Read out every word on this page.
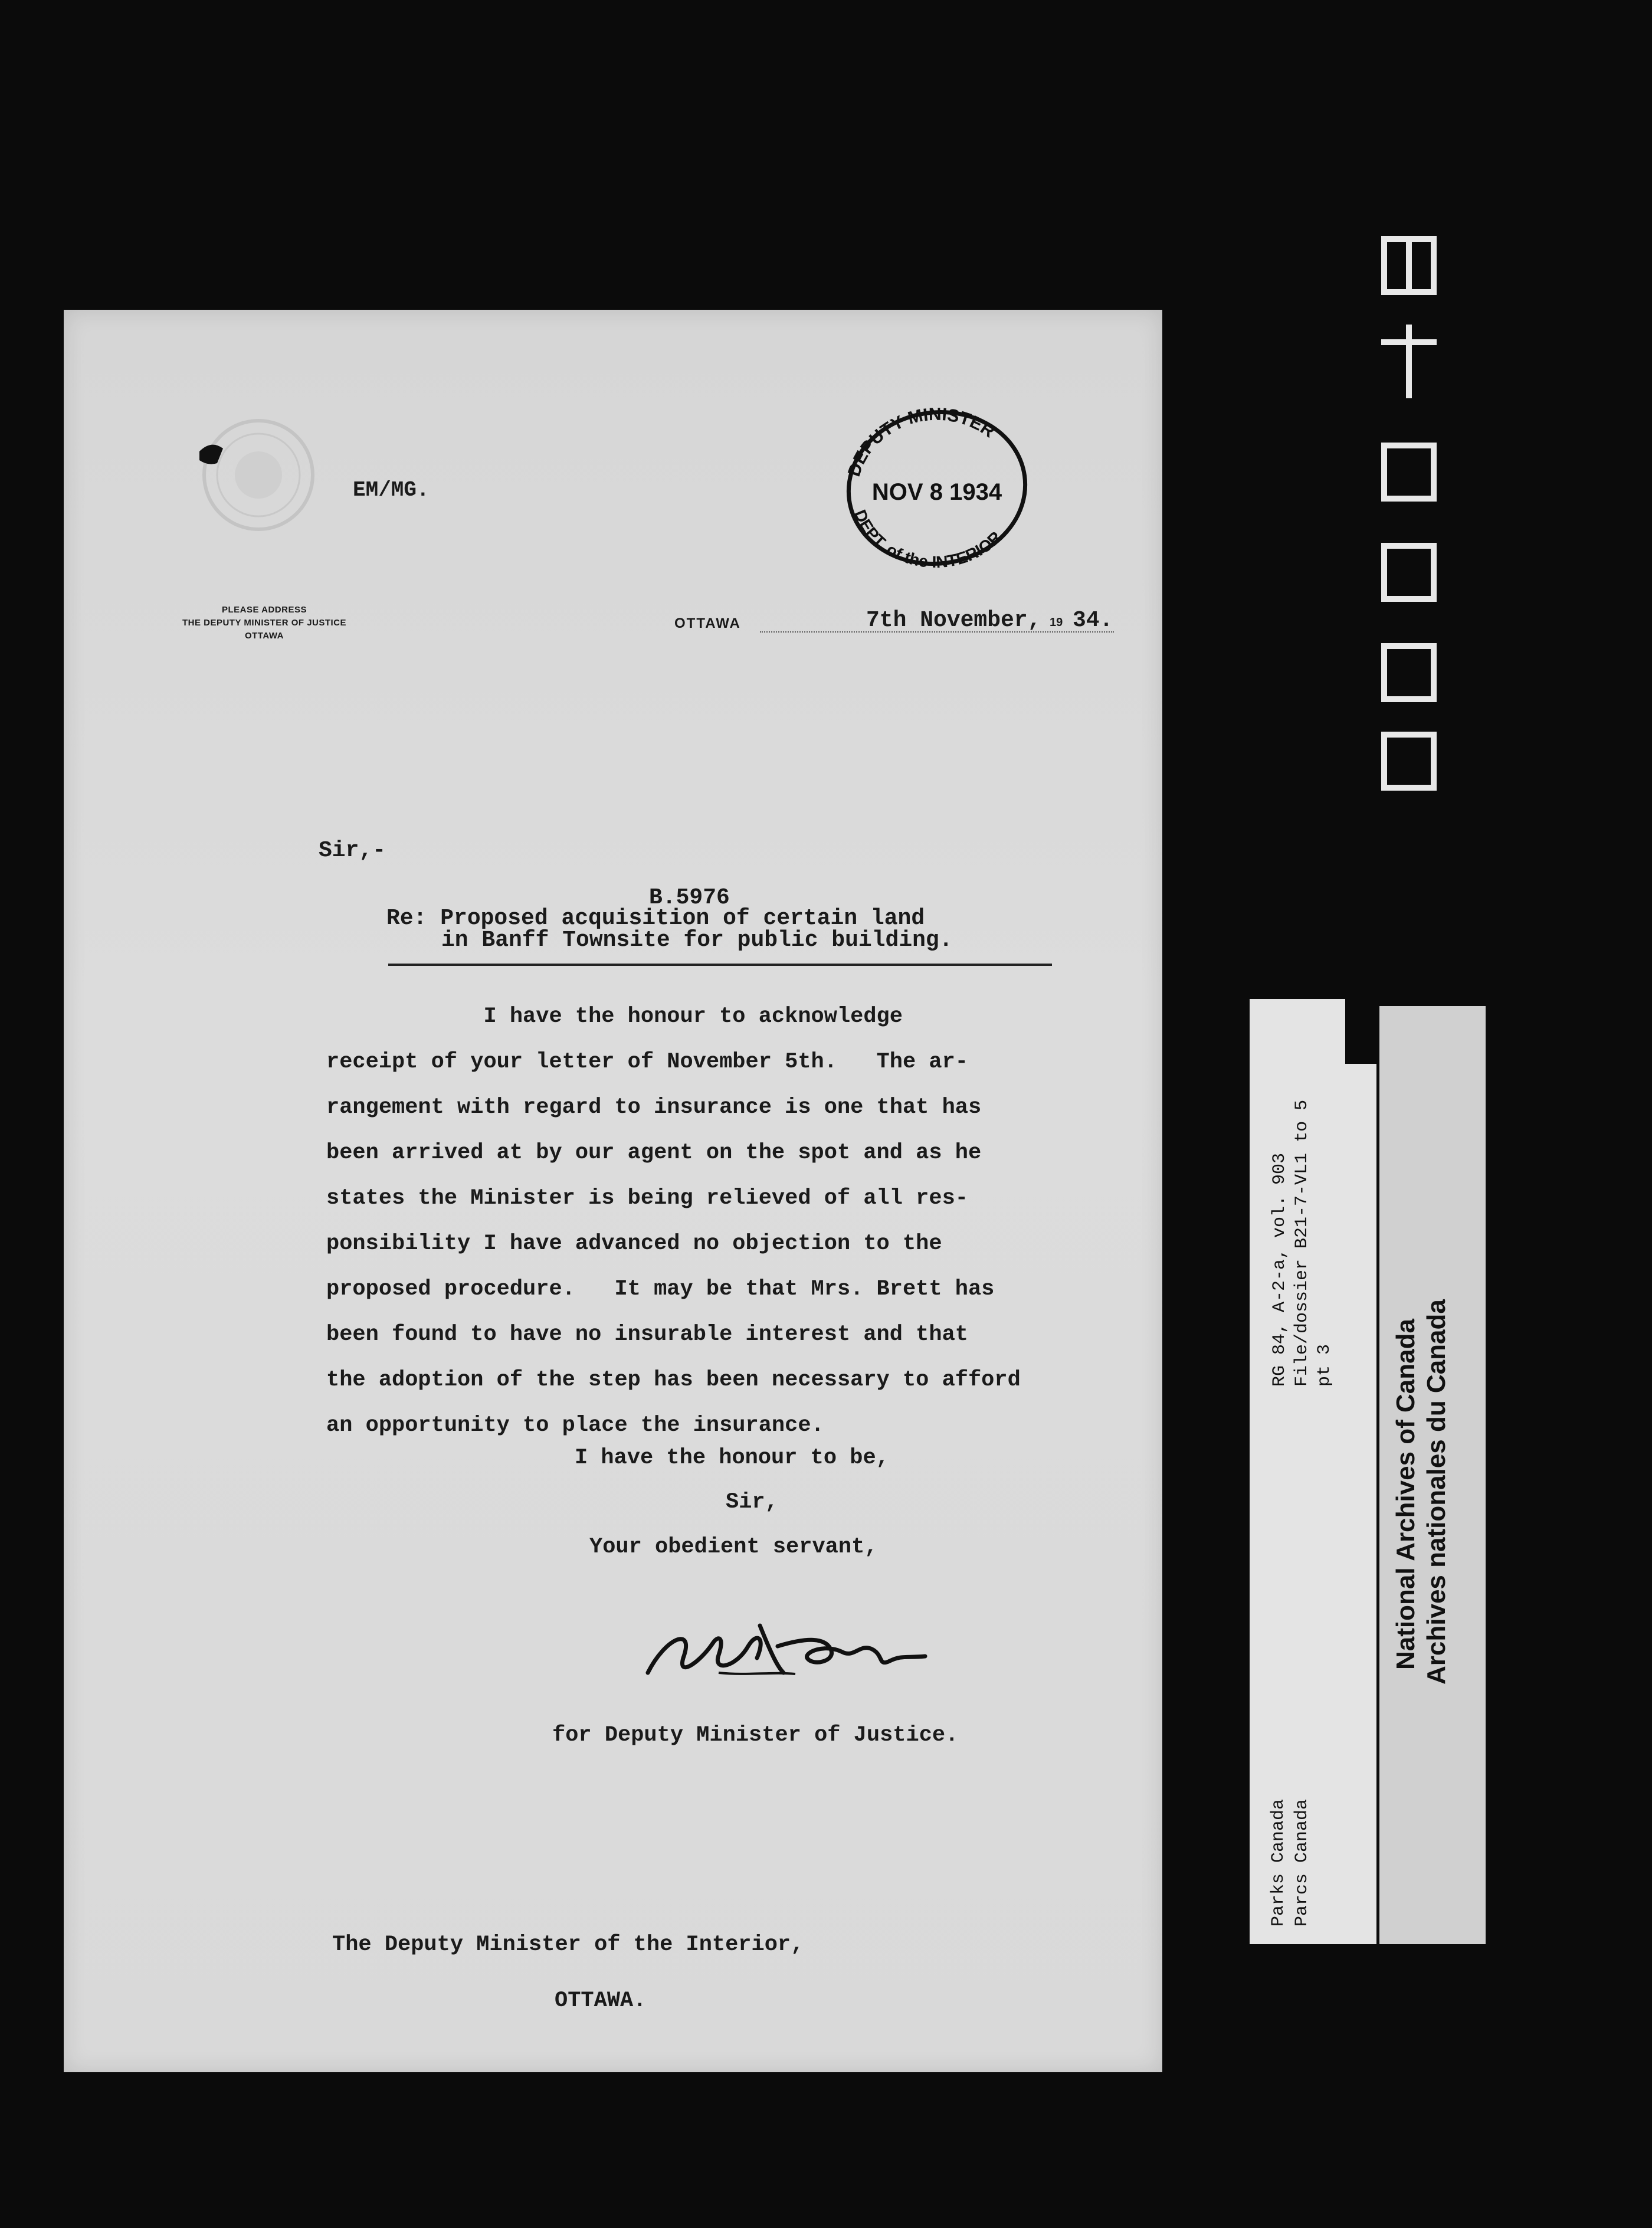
EM/MG.
PLEASE ADDRESS
THE DEPUTY MINISTER OF JUSTICE
OTTAWA
DEPUTY MINISTER
NOV 8 1934
DEPT. of the INTERIOR
OTTAWA	7th November, 19 34.
Sir,-
B.5976
Re: Proposed acquisition of certain land
in Banff Townsite for public building.
I have the honour to acknowledge
receipt of your letter of November 5th.   The ar-
rangement with regard to insurance is one that has
been arrived at by our agent on the spot and as he
states the Minister is being relieved of all res-
ponsibility I have advanced no objection to the
proposed procedure.   It may be that Mrs. Brett has
been found to have no insurable interest and that
the adoption of the step has been necessary to afford
an opportunity to place the insurance.
I have the honour to be,
Sir,
Your obedient servant,
for Deputy Minister of Justice.
The Deputy Minister of the Interior,
OTTAWA.
Parks Canada Parcs Canada
RG 84, A-2-a, vol. 903 File/dossier B21-7-VL1 to 5 pt 3 National Archives of Canada Archives nationales du Canada
